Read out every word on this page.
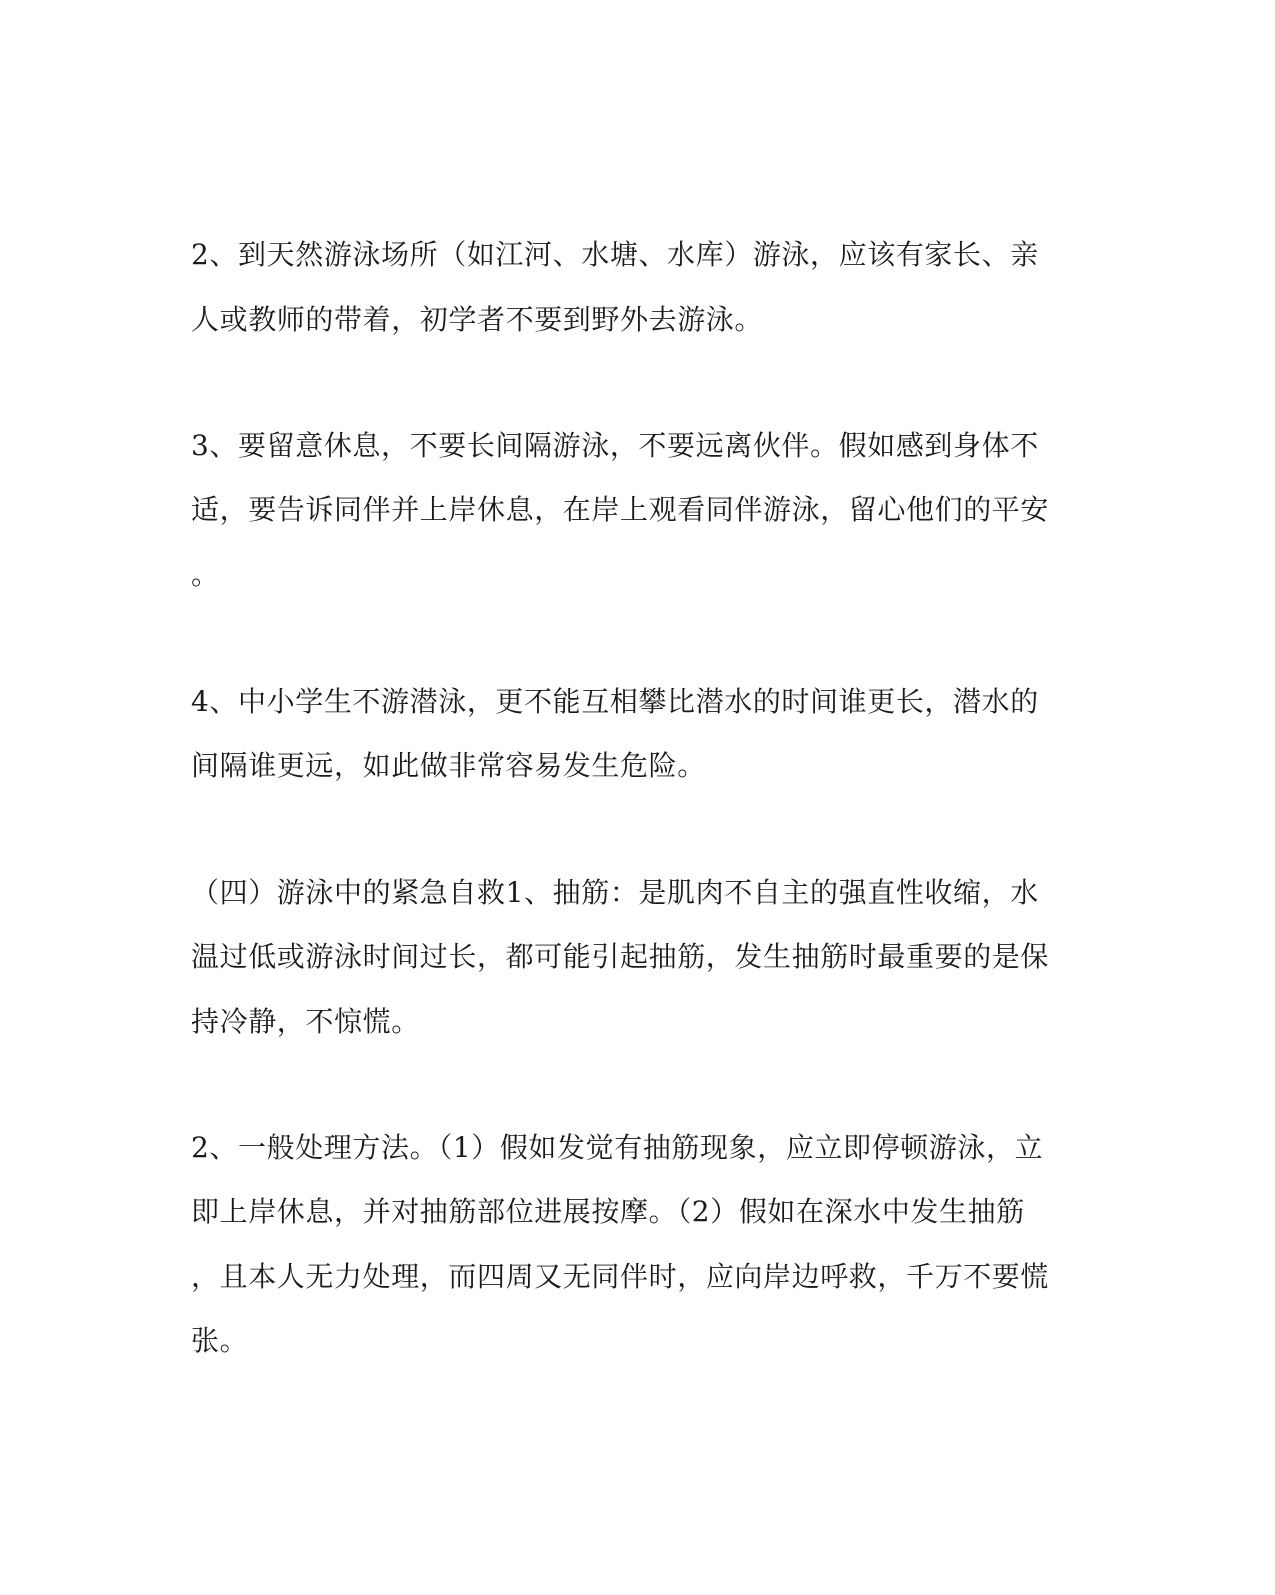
2、到天然游泳场所（如江河、水塘、水库）游泳，应该有家长、亲
人或教师的带着，初学者不要到野外去游泳。
3、要留意休息，不要长间隔游泳，不要远离伙伴。假如感到身体不
适，要告诉同伴并上岸休息，在岸上观看同伴游泳，留心他们的平安
。
4、中小学生不游潜泳，更不能互相攀比潜水的时间谁更长，潜水的
间隔谁更远，如此做非常容易发生危险。
（四）游泳中的紧急自救1、抽筋：是肌肉不自主的强直性收缩，水
温过低或游泳时间过长，都可能引起抽筋，发生抽筋时最重要的是保
持冷静，不惊慌。
2、一般处理方法。（1）假如发觉有抽筋现象，应立即停顿游泳，立
即上岸休息，并对抽筋部位进展按摩。（2）假如在深水中发生抽筋
，且本人无力处理，而四周又无同伴时，应向岸边呼救，千万不要慌
张。
